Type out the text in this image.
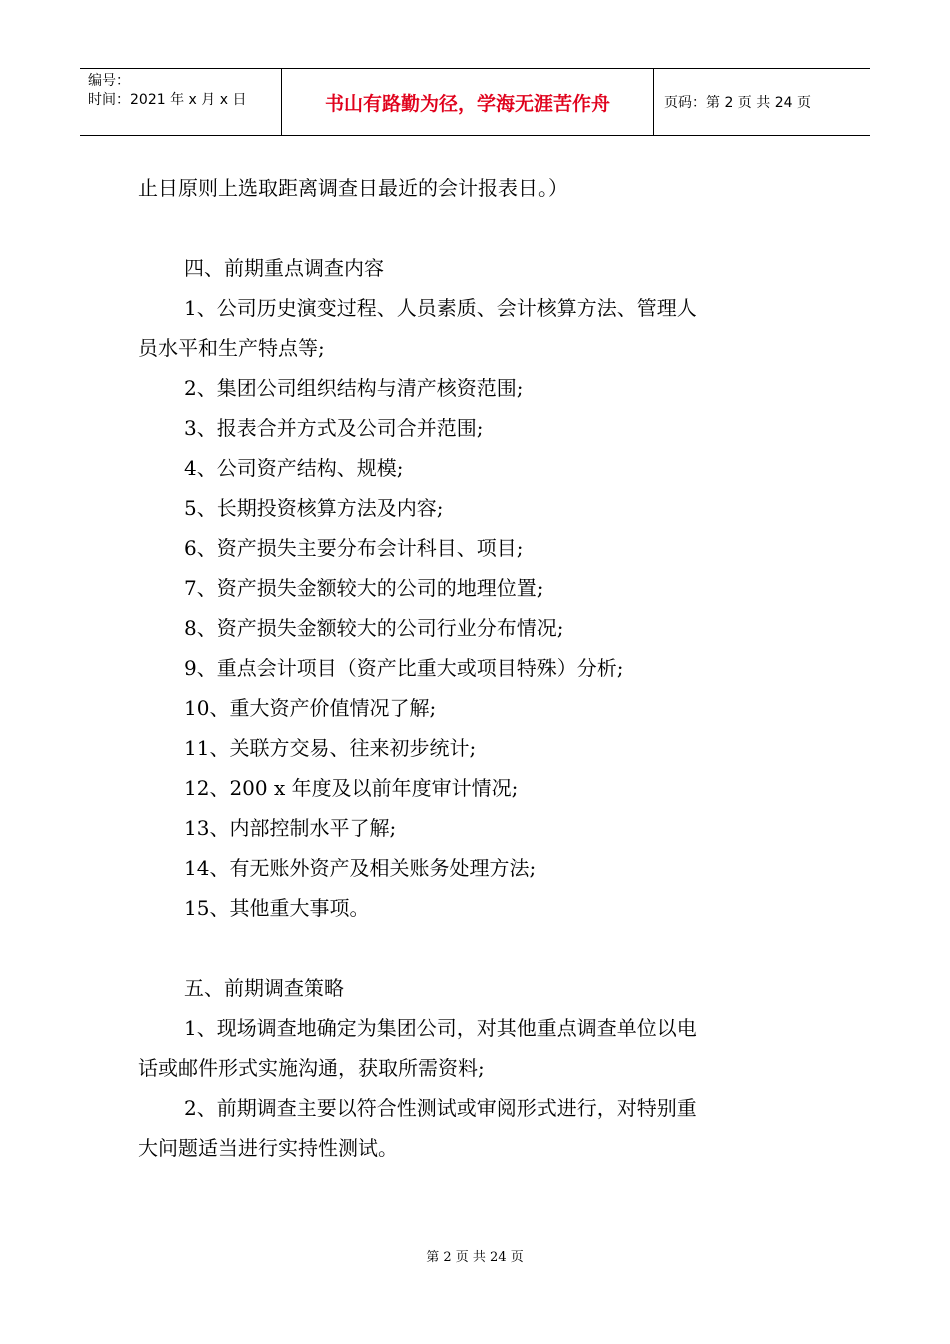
编号：
时间：2021 年 x 月 x 日	书山有路勤为径，学海无涯苦作舟	页码：第 2 页 共 24 页
止日原则上选取距离调查日最近的会计报表日。）
四、前期重点调查内容
1、公司历史演变过程、人员素质、会计核算方法、管理人
员水平和生产特点等;
2、集团公司组织结构与清产核资范围;
3、报表合并方式及公司合并范围;
4、公司资产结构、规模;
5、长期投资核算方法及内容;
6、资产损失主要分布会计科目、项目;
7、资产损失金额较大的公司的地理位置;
8、资产损失金额较大的公司行业分布情况;
9、重点会计项目（资产比重大或项目特殊）分析;
10、重大资产价值情况了解;
11、关联方交易、往来初步统计;
12、200 x 年度及以前年度审计情况;
13、内部控制水平了解;
14、有无账外资产及相关账务处理方法;
15、其他重大事项。
五、前期调查策略
1、现场调查地确定为集团公司，对其他重点调查单位以电
话或邮件形式实施沟通，获取所需资料;
2、前期调查主要以符合性测试或审阅形式进行，对特别重
大问题适当进行实持性测试。
第 2 页 共 24 页
